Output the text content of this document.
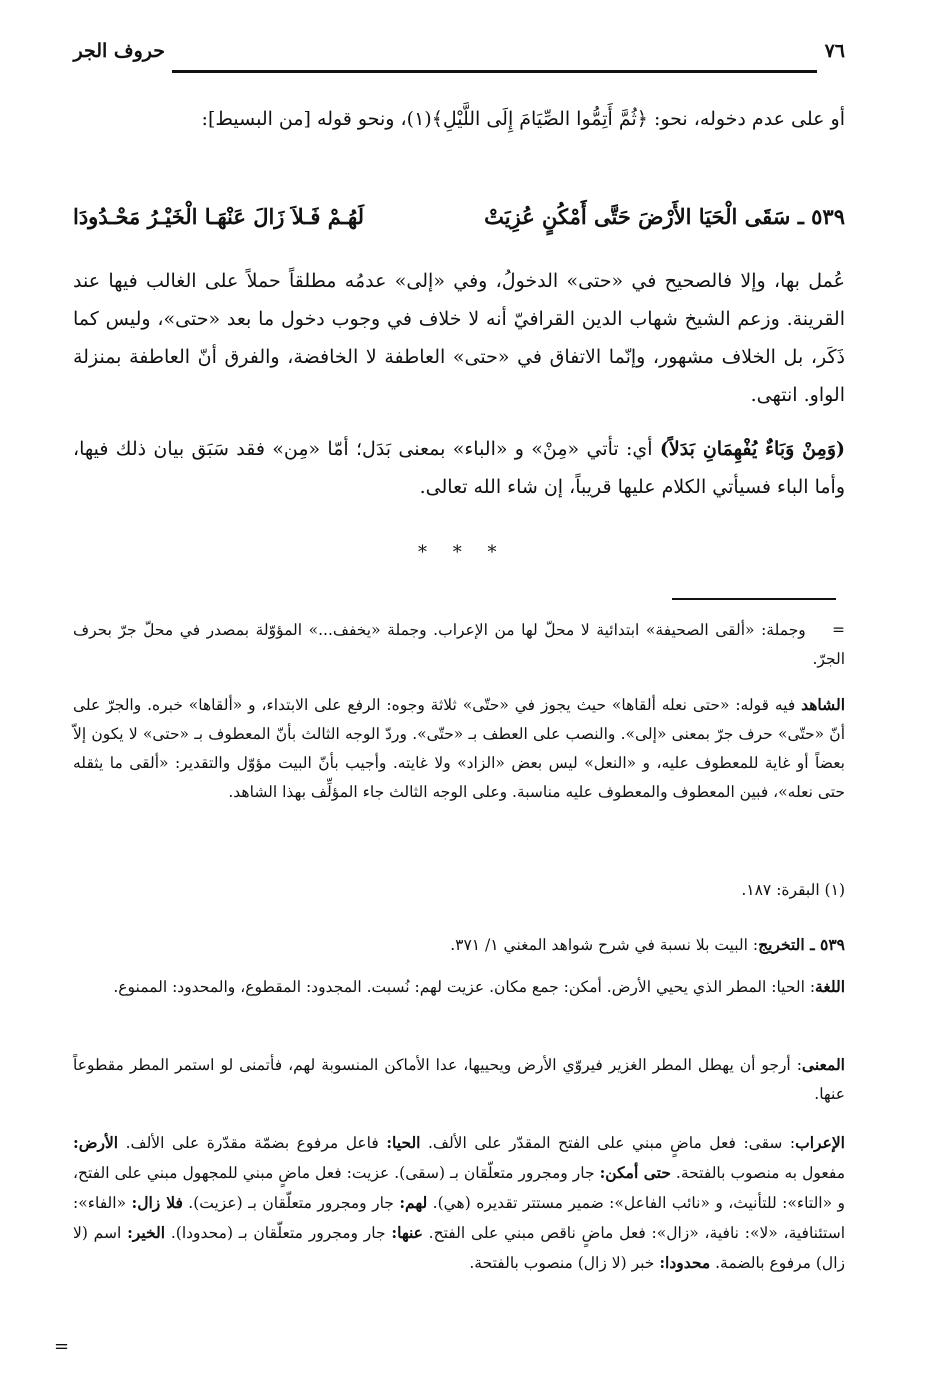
حروف الجر	٧٦

أو على عدم دخوله، نحو: ﴿ثُمَّ أَتِمُّوا الصِّيَامَ إِلَى اللَّيْلِ﴾(١)، ونحو قوله [من البسيط]:

٥٣٩ ـ سَقَى الْحَيَا الأَرْضَ حَتَّى أَمْكُنٍ عُزِيَتْ
لَهُـمْ فَـلاَ زَالَ عَنْهَـا الْخَيْـرُ مَحْـدُودَا

عُمل بها، وإلا فالصحيح في «حتى» الدخولُ، وفي «إلى» عدمُه مطلقاً حملاً على الغالب فيها عند القرينة. وزعم الشيخ شهاب الدين القرافيّ أنه لا خلاف في وجوب دخول ما بعد «حتى»، وليس كما ذَكَر، بل الخلاف مشهور، وإنّما الاتفاق في «حتى» العاطفة لا الخافضة، والفرق أنّ العاطفة بمنزلة الواو. انتهى.

(وَمِنْ وَبَاءٌ يُفْهِمَانِ بَدَلاً) أي: تأتي «مِنْ» و «الباء» بمعنى بَدَل؛ أمّا «مِن» فقد سَبَق بيان ذلك فيها، وأما الباء فسيأتي الكلام عليها قريباً، إن شاء الله تعالى.

* * *

=    وجملة: «ألقى الصحيفة» ابتدائية لا محلّ لها من الإعراب. وجملة «يخفف...» المؤوّلة بمصدر في محلّ جرّ بحرف الجرّ.

الشاهد فيه قوله: «حتى نعله ألقاها» حيث يجوز في «حتّى» ثلاثة وجوه: الرفع على الابتداء، و «ألقاها» خبره. والجرّ على أنّ «حتّى» حرف جرّ بمعنى «إلى». والنصب على العطف بـ «حتّى». وردّ الوجه الثالث بأنّ المعطوف بـ «حتى» لا يكون إلاّ بعضاً أو غاية للمعطوف عليه، و «النعل» ليس بعض «الزاد» ولا غايته. وأجيب بأنّ البيت مؤوّل والتقدير: «ألقى ما يثقله حتى نعله»، فبين المعطوف والمعطوف عليه مناسبة. وعلى الوجه الثالث جاء المؤلِّف بهذا الشاهد.

(١) البقرة: ١٨٧.

٥٣٩ ـ التخريج: البيت بلا نسبة في شرح شواهد المغني ١/ ٣٧١.

اللغة: الحيا: المطر الذي يحيي الأرض. أمكن: جمع مكان. عزيت لهم: نُسبت. المجدود: المقطوع، والمحدود: الممنوع.

المعنى: أرجو أن يهطل المطر الغزير فيروّي الأرض ويحييها، عدا الأماكن المنسوبة لهم، فأتمنى لو استمر المطر مقطوعاً عنها.

الإعراب: سقى: فعل ماضٍ مبني على الفتح المقدّر على الألف. الحيا: فاعل مرفوع بضمّة مقدّرة على الألف. الأرض: مفعول به منصوب بالفتحة. حتى أمكن: جار ومجرور متعلّقان بـ (سقى). عزيت: فعل ماضٍ مبني للمجهول مبني على الفتح، و «التاء»: للتأنيث، و «نائب الفاعل»: ضمير مستتر تقديره (هي). لهم: جار ومجرور متعلّقان بـ (عزيت). فلا زال: «الفاء»: استئنافية، «لا»: نافية، «زال»: فعل ماضٍ ناقص مبني على الفتح. عنها: جار ومجرور متعلّقان بـ (محدودا). الخير: اسم (لا زال) مرفوع بالضمة. محدودا: خبر (لا زال) منصوب بالفتحة.

=
